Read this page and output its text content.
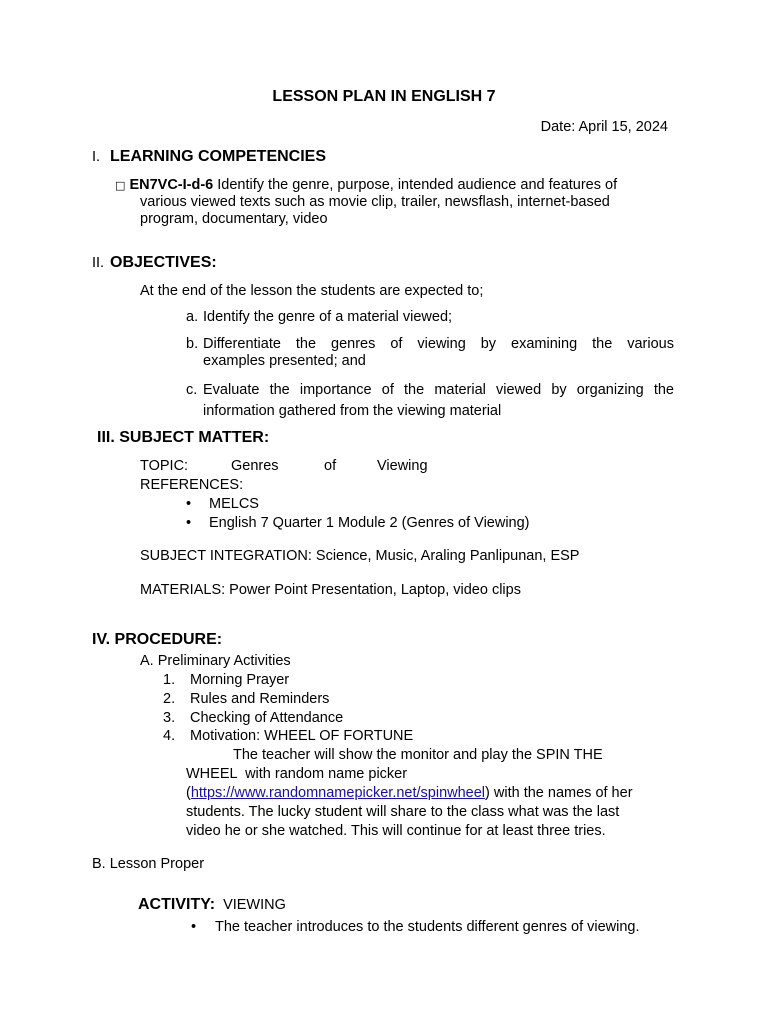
LESSON PLAN IN ENGLISH 7
Date: April 15, 2024
I. LEARNING COMPETENCIES
□ EN7VC-I-d-6 Identify the genre, purpose, intended audience and features of
various viewed texts such as movie clip, trailer, newsflash, internet-based
program, documentary, video
II. OBJECTIVES:
At the end of the lesson the students are expected to;
a. Identify the genre of a material viewed;
b. Differentiate the genres of viewing by examining the various
examples presented; and
c. Evaluate the importance of the material viewed by organizing the
information gathered from the viewing material
III. SUBJECT MATTER:
TOPIC:	Genres	of	Viewing
REFERENCES:
• MELCS
• English 7 Quarter 1 Module 2 (Genres of Viewing)
SUBJECT INTEGRATION: Science, Music, Araling Panlipunan, ESP
MATERIALS: Power Point Presentation, Laptop, video clips
IV. PROCEDURE:
A. Preliminary Activities
1. Morning Prayer
2. Rules and Reminders
3. Checking of Attendance
4. Motivation: WHEEL OF FORTUNE
The teacher will show the monitor and play the SPIN THE
WHEEL  with random name picker
(https://www.randomnamepicker.net/spinwheel) with the names of her
students. The lucky student will share to the class what was the last
video he or she watched. This will continue for at least three tries.
B. Lesson Proper
ACTIVITY: VIEWING
• The teacher introduces to the students different genres of viewing.
